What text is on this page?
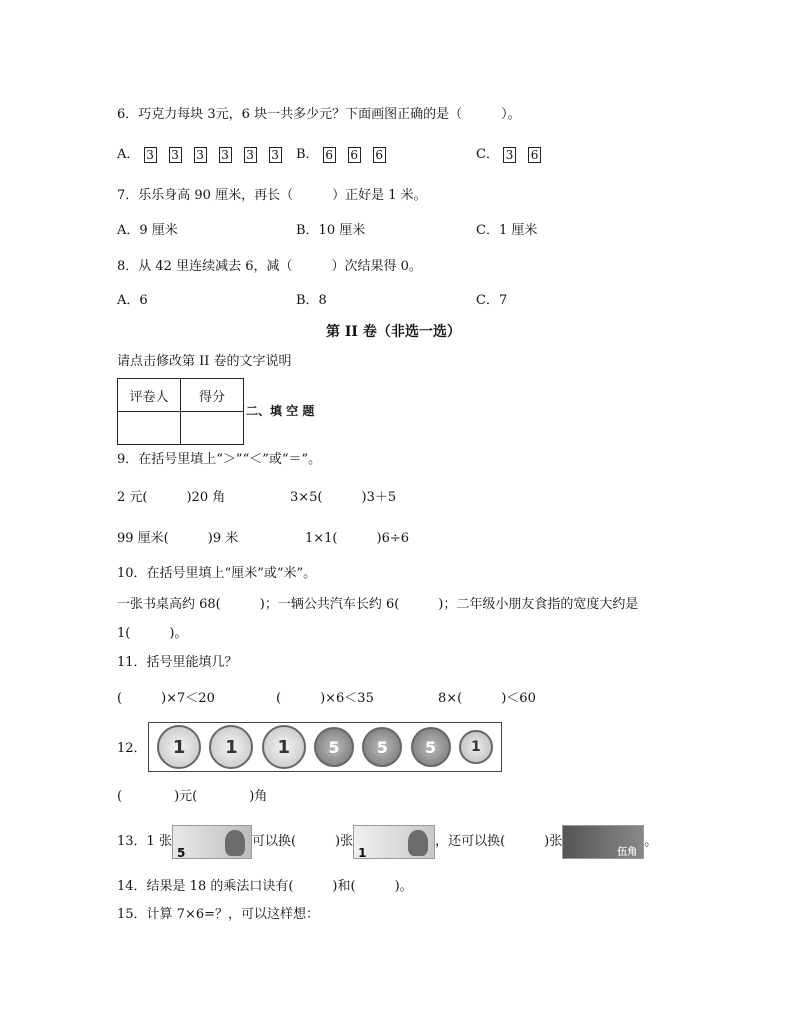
6．巧克力每块 3元，6 块一共多少元？下面画图正确的是（　　　）。
A． 3 3 3 3 3 3	B． 6 6 6	C． 3 6
7．乐乐身高 90 厘米，再长（　　　）正好是 1 米。
A．9 厘米	B．10 厘米	C．1 厘米
8．从 42 里连续减去 6，减（　　　）次结果得 0。
A．6	B．8	C．7
第 II 卷（非选一选）
请点击修改第 II 卷的文字说明
评卷人	得分

二、填 空 题
9．在括号里填上“＞”“＜”或“＝”。
2 元(　　　)20 角	3×5(　　　)3＋5
99 厘米(　　　)9 米	1×1(　　　)6÷6
10．在括号里填上“厘米”或“米”。
一张书桌高约 68(　　　)；一辆公共汽车长约 6(　　　)；二年级小朋友食指的宽度大约是
1(　　　)。
11．括号里能填几？
(　　　)×7＜20	(　　　)×6＜35	8×(　　　)＜60
12．	1	1	1	5	5	5	1
(　　　　)元(　　　　)角
13．1 张
5
可以换(　　　)张
1
，还可以换(　　　)张
伍角
。
14．结果是 18 的乘法口诀有(　　　)和(　　　)。
15．计算 7×6=？，可以这样想：
